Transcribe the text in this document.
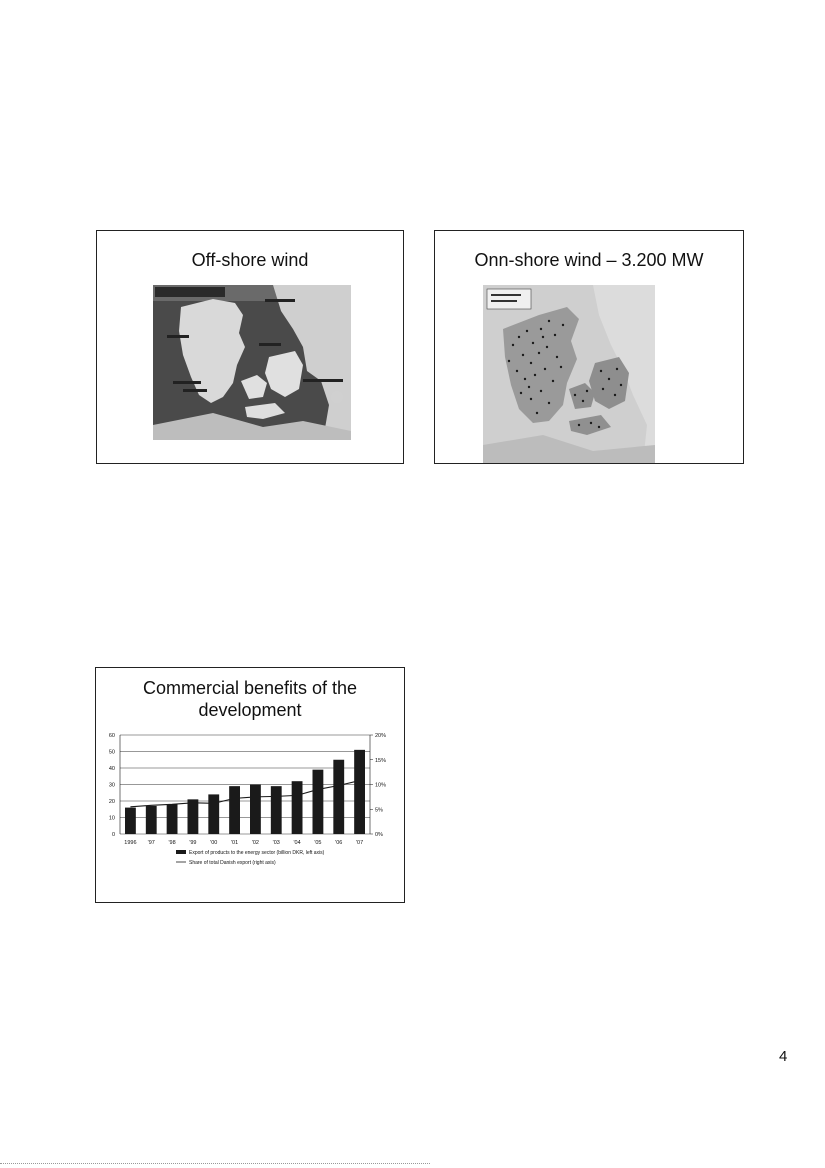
Off-shore wind	Onn-shore wind – 3.200 MW
Commercial benefits of the
development
0
10
20
30
40
50
60
0%
5%
10%
15%
20%
1996 '97 '98 '99 '00 '01 '02 '03 '04 '05 '06 '07
Export of products to the energy sector (billion DKR, left axis)
Share of total Danish export (right axis)
4
